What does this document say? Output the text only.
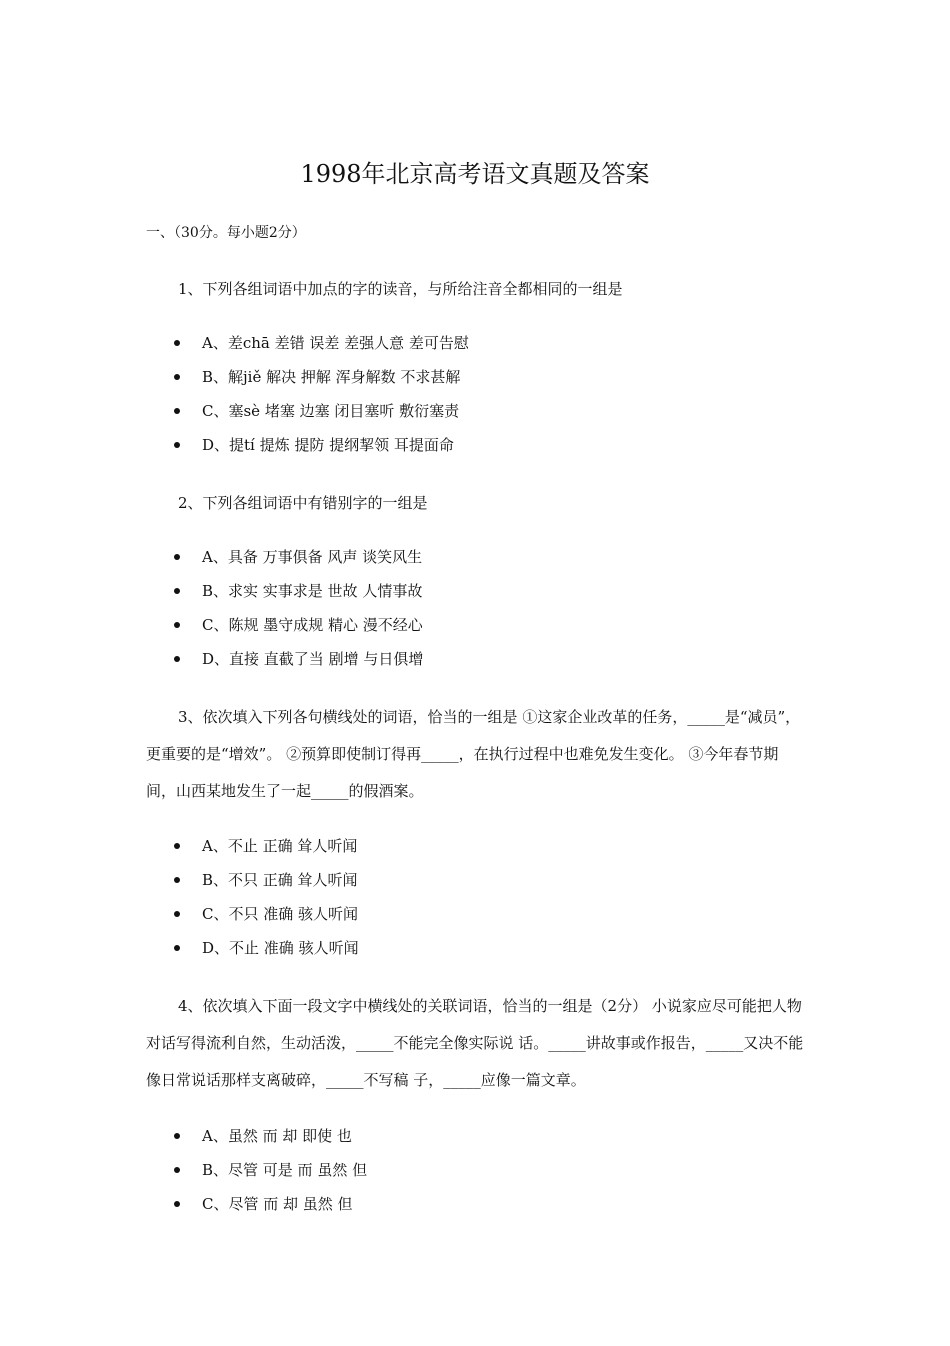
1998年北京高考语文真题及答案
一、（30分。每小题2分）

1、下列各组词语中加点的字的读音，与所给注音全都相同的一组是

A、差chā 差错 误差 差强人意 差可告慰
B、解jiě 解决 押解 浑身解数 不求甚解
C、塞sè 堵塞 边塞 闭目塞听 敷衍塞责
D、提tí 提炼 提防 提纲挈领 耳提面命

2、下列各组词语中有错别字的一组是

A、具备 万事俱备 风声 谈笑风生
B、求实 实事求是 世故 人情事故
C、陈规 墨守成规 精心 漫不经心
D、直接 直截了当 剧增 与日俱增

3、依次填入下列各句横线处的词语，恰当的一组是 ①这家企业改革的任务，_____是“减员”，更重要的是“增效”。 ②预算即使制订得再_____，在执行过程中也难免发生变化。 ③今年春节期间，山西某地发生了一起_____的假酒案。

A、不止 正确 耸人听闻
B、不只 正确 耸人听闻
C、不只 准确 骇人听闻
D、不止 准确 骇人听闻

4、依次填入下面一段文字中横线处的关联词语，恰当的一组是（2分） 小说家应尽可能把人物对话写得流利自然，生动活泼，_____不能完全像实际说 话。_____讲故事或作报告，_____又决不能像日常说话那样支离破碎，_____不写稿 子，_____应像一篇文章。

A、虽然 而 却 即使 也
B、尽管 可是 而 虽然 但
C、尽管 而 却 虽然 但
